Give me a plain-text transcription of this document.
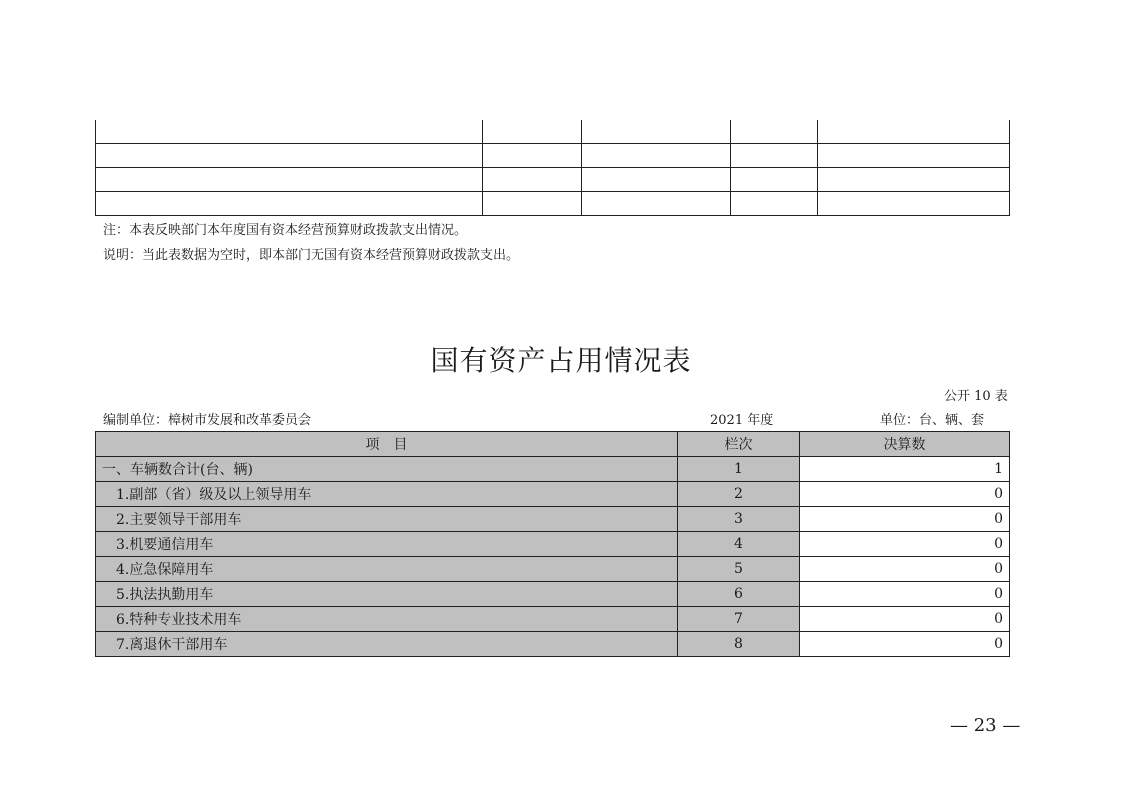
注：本表反映部门本年度国有资本经营预算财政拨款支出情况。
说明：当此表数据为空时，即本部门无国有资本经营预算财政拨款支出。
国有资产占用情况表
公开 10 表
编制单位：樟树市发展和改革委员会	2021 年度	单位：台、辆、套
项　目	栏次	决算数
一、车辆数合计(台、辆)	1	1
1.副部（省）级及以上领导用车	2	0
2.主要领导干部用车	3	0
3.机要通信用车	4	0
4.应急保障用车	5	0
5.执法执勤用车	6	0
6.特种专业技术用车	7	0
7.离退休干部用车	8	0
— 23 —
